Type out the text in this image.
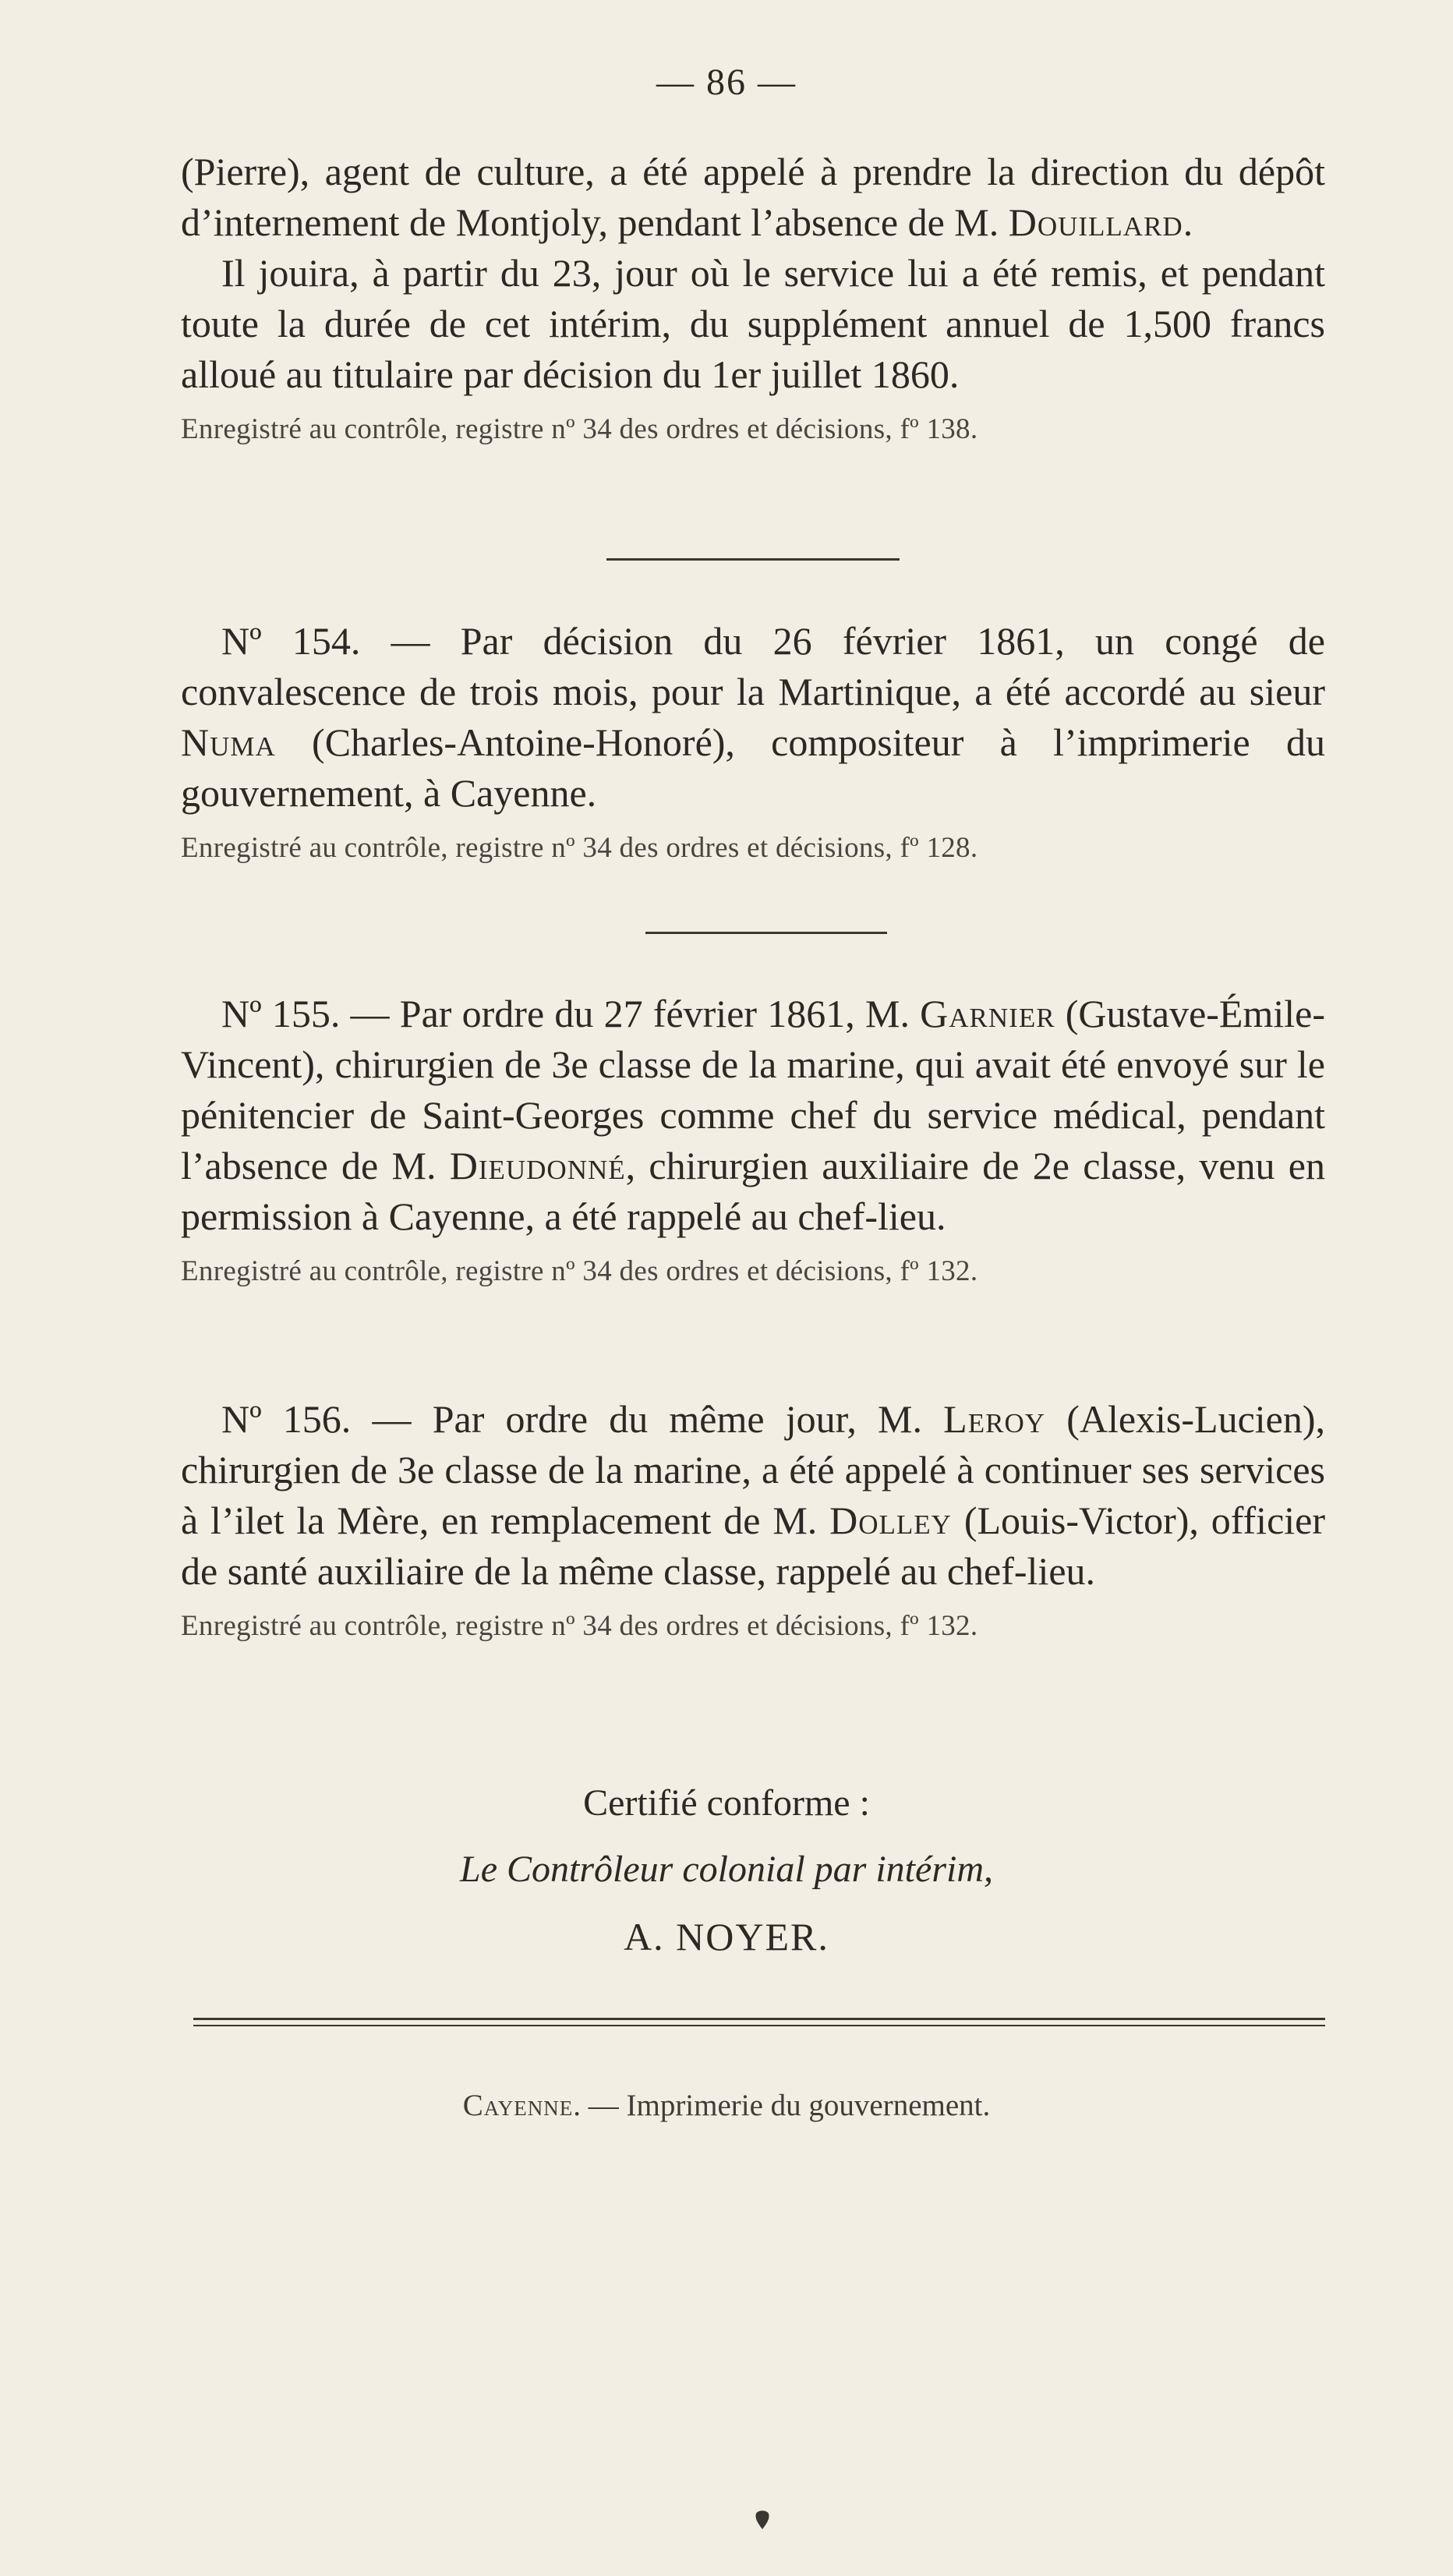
— 86 —

(Pierre), agent de culture, a été appelé à prendre la direction du dépôt d’internement de Montjoly, pendant l’absence de M. Douillard.

Il jouira, à partir du 23, jour où le service lui a été remis, et pendant toute la durée de cet intérim, du supplément annuel de 1,500 francs alloué au titulaire par décision du 1er juillet 1860.

Enregistré au contrôle, registre nº 34 des ordres et décisions, fº 138.

Nº 154. — Par décision du 26 février 1861, un congé de convalescence de trois mois, pour la Martinique, a été accordé au sieur Numa (Charles-Antoine-Honoré), compositeur à l’imprimerie du gouvernement, à Cayenne.

Enregistré au contrôle, registre nº 34 des ordres et décisions, fº 128.

Nº 155. — Par ordre du 27 février 1861, M. Garnier (Gustave-Émile-Vincent), chirurgien de 3e classe de la marine, qui avait été envoyé sur le pénitencier de Saint-Georges comme chef du service médical, pendant l’absence de M. Dieudonné, chirurgien auxiliaire de 2e classe, venu en permission à Cayenne, a été rappelé au chef-lieu.

Enregistré au contrôle, registre nº 34 des ordres et décisions, fº 132.

Nº 156. — Par ordre du même jour, M. Leroy (Alexis-Lucien), chirurgien de 3e classe de la marine, a été appelé à continuer ses services à l’ilet la Mère, en remplacement de M. Dolley (Louis-Victor), officier de santé auxiliaire de la même classe, rappelé au chef-lieu.

Enregistré au contrôle, registre nº 34 des ordres et décisions, fº 132.

Certifié conforme :
Le Contrôleur colonial par intérim,
A. NOYER.
Cayenne. — Imprimerie du gouvernement.
